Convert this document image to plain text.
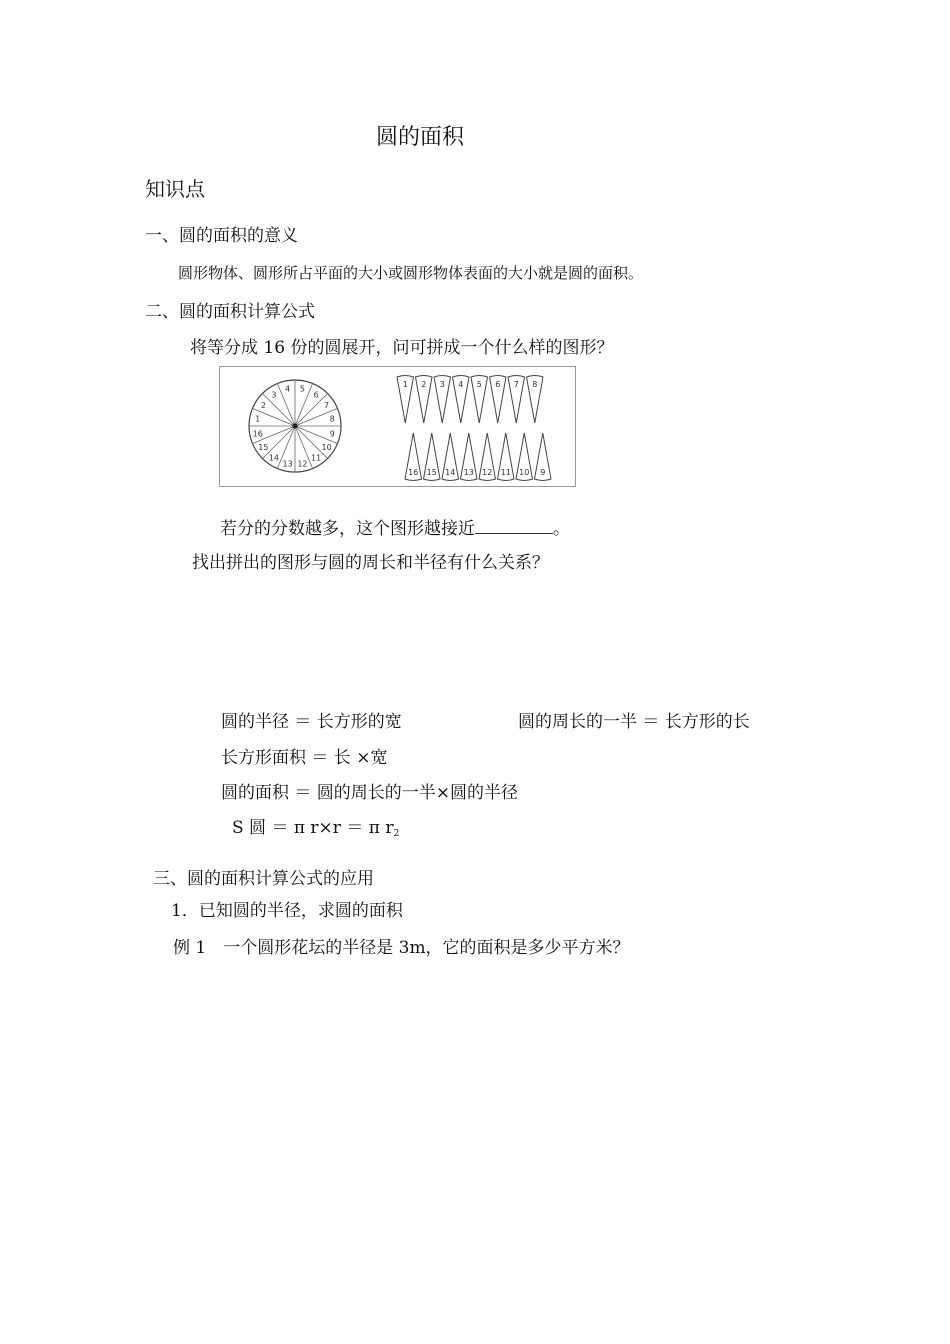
圆的面积
知识点
一、圆的面积的意义
圆形物体、圆形所占平面的大小或圆形物体表面的大小就是圆的面积。
二、圆的面积计算公式
将等分成 16 份的圆展开，问可拼成一个什么样的图形？
1
2
3
4 5
6
7
8
9
10
11
12
13
14
15
16
1 2 3 4 5 6 7 8
16 15 14 13 12 11 10 9
若分的分数越多，这个图形越接近	。
找出拼出的图形与圆的周长和半径有什么关系？
圆的半径 ＝ 长方形的宽	圆的周长的一半 ＝ 长方形的长
长方形面积 ＝ 长 ×宽
圆的面积 ＝ 圆的周长的一半×圆的半径
S 圆 ＝ π r×r ＝ π $r_2$
三、圆的面积计算公式的应用
1．已知圆的半径，求圆的面积
例 1　一个圆形花坛的半径是 3m，它的面积是多少平方米？
